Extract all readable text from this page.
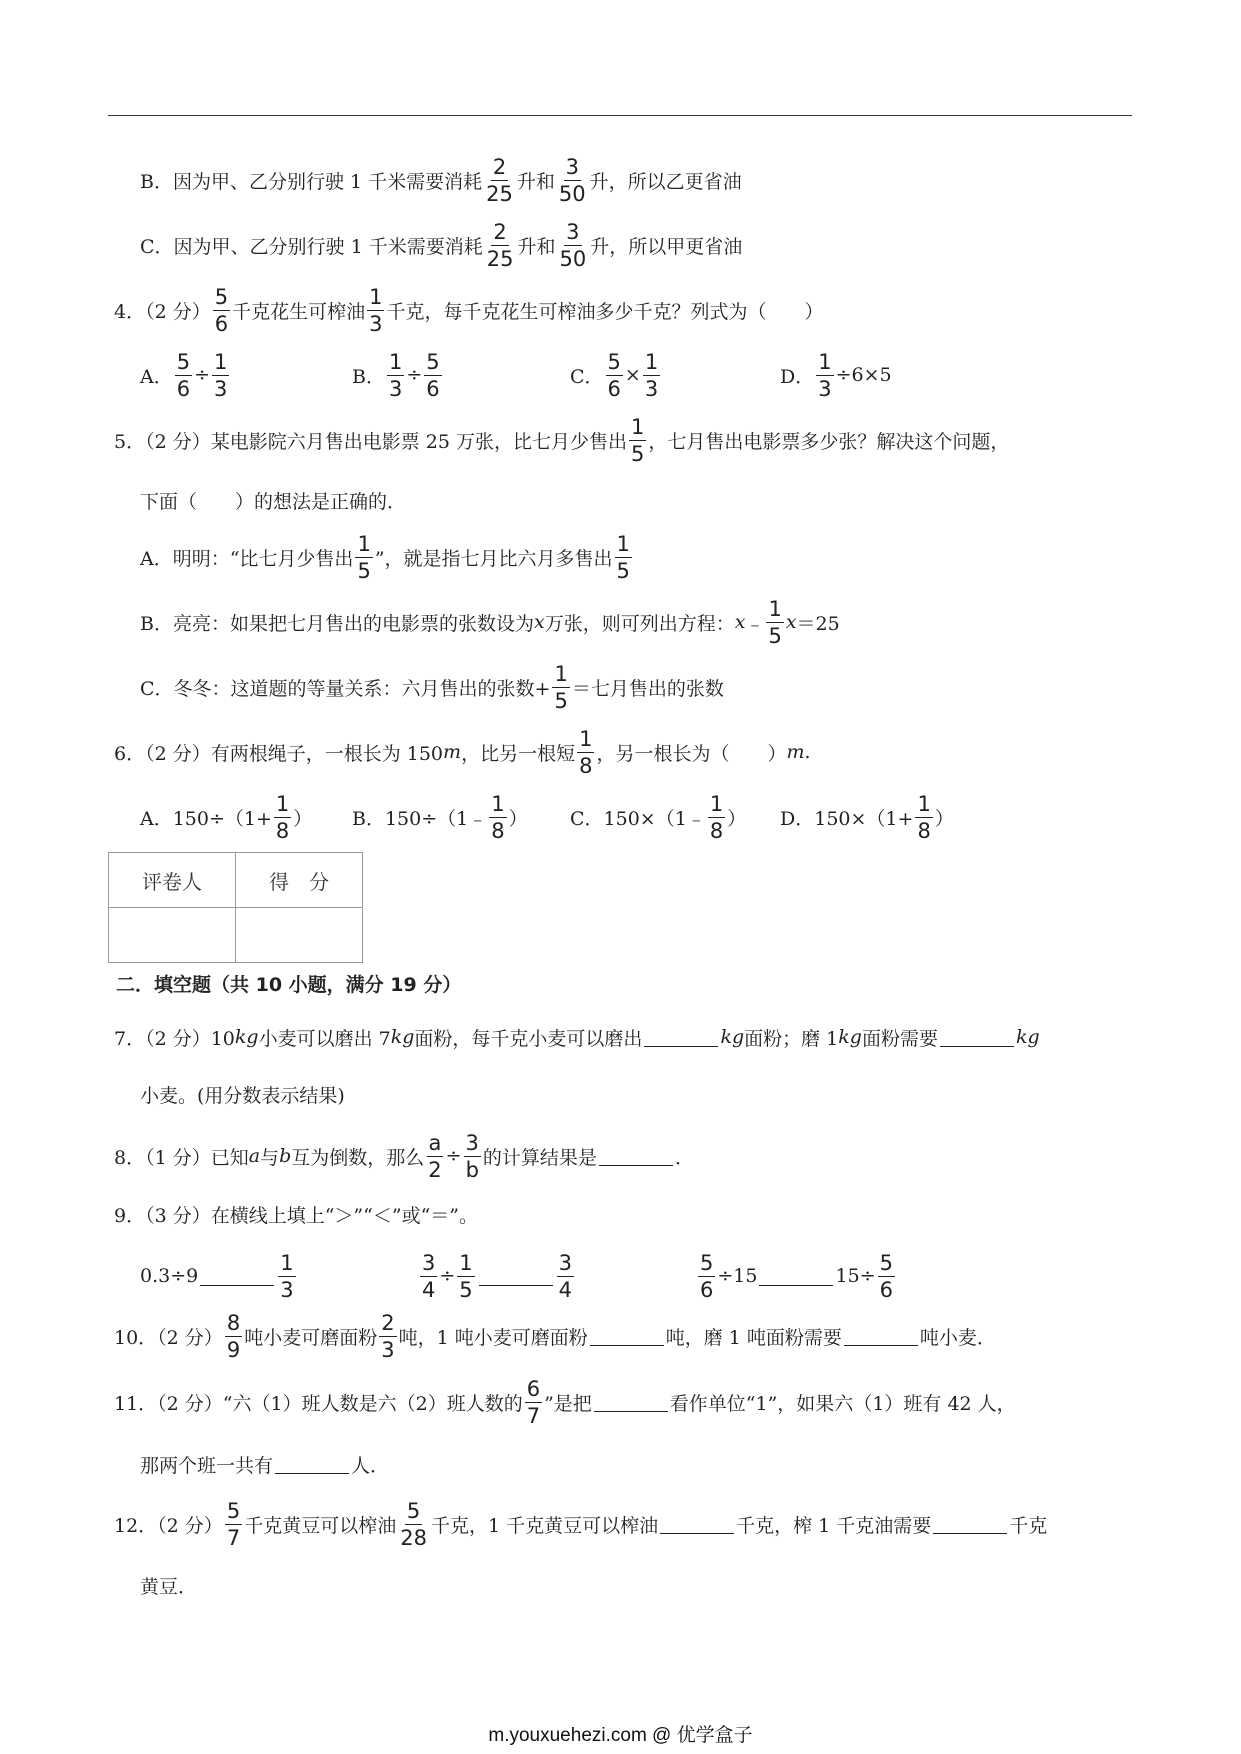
B．因为甲、乙分别行驶 1 千米需要消耗 $\frac{2}{25}$ 升和 $\frac{3}{50}$ 升，所以乙更省油
C．因为甲、乙分别行驶 1 千米需要消耗 $\frac{2}{25}$ 升和 $\frac{3}{50}$ 升，所以甲更省油
4．（2 分） $\frac{5}{6}$ 千克花生可榨油 $\frac{1}{3}$ 千克，每千克花生可榨油多少千克？列式为（　　）
A． $\frac{5}{6} \div \frac{1}{3}$	B． $\frac{1}{3} \div \frac{5}{6}$	C． $\frac{5}{6} \times \frac{1}{3}$	D． $\frac{1}{3} \div 6\times 5$
5．（2 分）某电影院六月售出电影票 25 万张，比七月少售出 $\frac{1}{5}$ ，七月售出电影票多少张？解决这个问题，
下面（　　）的想法是正确的．
A．明明：“比七月少售出 $\frac{1}{5}$ ”，就是指七月比六月多售出 $\frac{1}{5}$
B．亮亮：如果把七月售出的电影票的张数设为 x 万张，则可列出方程： x ﹣ $\frac{1}{5}$ x ＝25
C．冬冬：这道题的等量关系：六月售出的张数+ $\frac{1}{5}$ ＝七月售出的张数
6．（2 分）有两根绳子，一根长为 150 m ，比另一根短 $\frac{1}{8}$ ，另一根长为（　　） m .
A．$150\div(1+ \frac{1}{8}$ ） B．150÷（1﹣ $\frac{1}{8}$ ） C．150×（1﹣ $\frac{1}{8}$ ） D．$150\times(1+ \frac{1}{8}$ ）
评卷人	得　分

二．填空题（共 10 小题，满分 19 分）
7．（2 分）10 kg 小麦可以磨出 7 kg 面粉，每千克小麦可以磨出	kg 面粉；磨 1 kg 面粉需要	kg
小麦。(用分数表示结果)
8．（1 分）已知 a 与 b 互为倒数，那么 $\frac{a}{2} \div \frac{3}{b}$ 的计算结果是	．
9．（3 分）在横线上填上“＞”“＜”或“＝”。
0.3÷9	$\frac{1}{3}$	$\frac{3}{4} \div \frac{1}{5}$	$\frac{3}{4}$	$\frac{5}{6} \div 15$	$15\div \frac{5}{6}$
10．（2 分） $\frac{8}{9}$ 吨小麦可磨面粉 $\frac{2}{3}$ 吨，1 吨小麦可磨面粉	吨，磨 1 吨面粉需要	吨小麦．
11．（2 分）“六（1）班人数是六（2）班人数的 $\frac{6}{7}$ ”是把	看作单位“1”，如果六（1）班有 42 人，
那两个班一共有	人．
12．（2 分） $\frac{5}{7}$ 千克黄豆可以榨油 $\frac{5}{28}$ 千克，1 千克黄豆可以榨油	千克，榨 1 千克油需要	千克
黄豆．
m.youxuehezi.com @ 优学盒子
